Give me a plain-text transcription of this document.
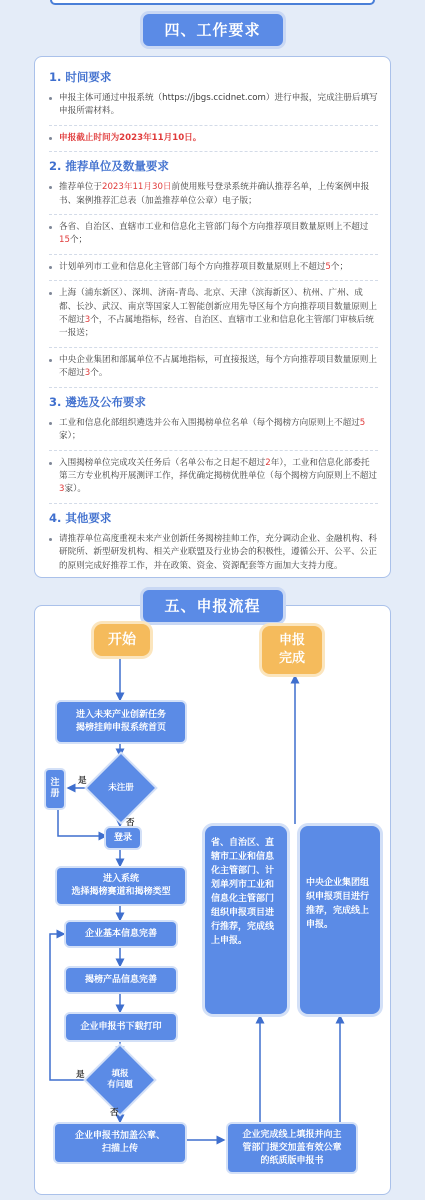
四、工作要求
1. 时间要求
申报主体可通过申报系统（https://jbgs.ccidnet.com）进行申报，完成注册后填写申报所需材料。
申报截止时间为2023年11月10日。
2. 推荐单位及数量要求
推荐单位于2023年11月30日前使用账号登录系统并确认推荐名单，上传案例申报书、案例推荐汇总表（加盖推荐单位公章）电子版；
各省、自治区、直辖市工业和信息化主管部门每个方向推荐项目数量原则上不超过15个；
计划单列市工业和信息化主管部门每个方向推荐项目数量原则上不超过5个；
上海（浦东新区）、深圳、济南-青岛、北京、天津（滨海新区）、杭州、广州、成都、长沙、武汉、南京等国家人工智能创新应用先导区每个方向推荐项目数量原则上不超过3个，不占属地指标，经省、自治区、直辖市工业和信息化主管部门审核后统一报送；
中央企业集团和部属单位不占属地指标，可直接报送，每个方向推荐项目数量原则上不超过3个。
3. 遴选及公布要求
工业和信息化部组织遴选并公布入围揭榜单位名单（每个揭榜方向原则上不超过5家）；
入围揭榜单位完成攻关任务后（名单公布之日起不超过2年），工业和信息化部委托第三方专业机构开展测评工作，择优确定揭榜优胜单位（每个揭榜方向原则上不超过3家）。
4. 其他要求
请推荐单位高度重视未来产业创新任务揭榜挂帅工作，充分调动企业、金融机构、科研院所、新型研发机构、相关产业联盟及行业协会的积极性，遵循公开、公平、公正的原则完成好推荐工作，并在政策、资金、资源配套等方面加大支持力度。
五、申报流程
开始	申报
完成
进入未来产业创新任务
揭榜挂帅申报系统首页
未注册
是
否
注
册
登录
进入系统
选择揭榜赛道和揭榜类型
企业基本信息完善
揭榜产品信息完善
企业申报书下载打印
填报
有问题
是
否
企业申报书加盖公章、
扫描上传
企业完成线上填报并向主
管部门提交加盖有效公章
的纸质版申报书
省、自治区、直辖市工业和信息化主管部门、计划单列市工业和信息化主管部门组织申报项目进行推荐，完成线上申报。
中央企业集团组织申报项目进行推荐，完成线上申报。
